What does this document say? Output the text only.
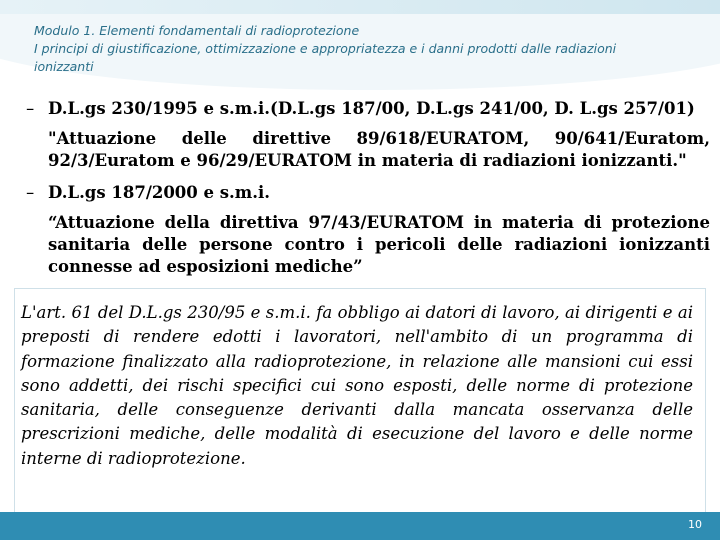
Modulo 1. Elementi fondamentali di radioprotezione
I principi di giustificazione, ottimizzazione e appropriatezza e i danni prodotti dalle radiazioni ionizzanti
– D.L.gs 230/1995 e s.m.i.(D.L.gs 187/00, D.L.gs 241/00, D. L.gs 257/01)
"Attuazione delle direttive 89/618/EURATOM, 90/641/Euratom, 92/3/Euratom e 96/29/EURATOM in materia di radiazioni ionizzanti."
– D.L.gs 187/2000 e s.m.i.
“Attuazione della direttiva 97/43/EURATOM in materia di protezione sanitaria delle persone contro i pericoli delle radiazioni ionizzanti connesse ad esposizioni mediche”
L'art. 61 del D.L.gs 230/95 e s.m.i. fa obbligo ai datori di lavoro, ai dirigenti e ai preposti di rendere edotti i lavoratori, nell'ambito di un programma di formazione finalizzato alla radioprotezione, in relazione alle mansioni cui essi sono addetti, dei rischi specifici cui sono esposti, delle norme di protezione sanitaria, delle conseguenze derivanti dalla mancata osservanza delle prescrizioni mediche, delle modalità di esecuzione del lavoro e delle norme interne di radioprotezione.
10
